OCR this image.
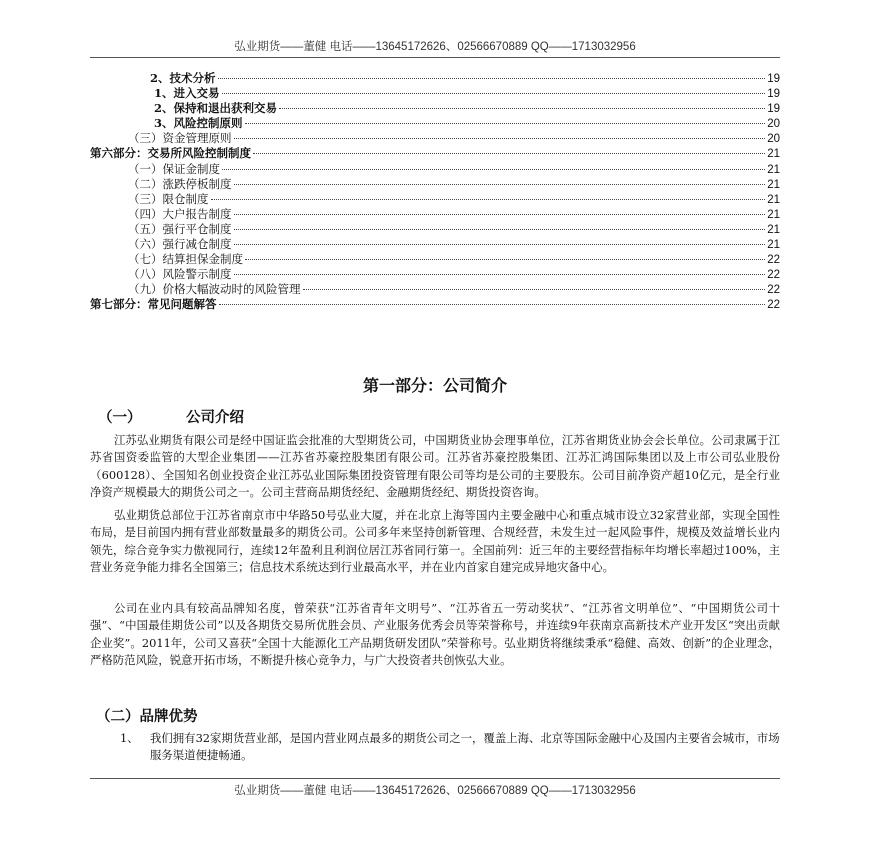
弘业期货——董健 电话——13645172626、02566670889 QQ——1713032956
2、技术分析	19
1、进入交易	19
2、保持和退出获利交易	19
3、风险控制原则	20
（三）资金管理原则	20
第六部分：交易所风险控制制度	21
（一）保证金制度	21
（二）涨跌停板制度	21
（三）限仓制度	21
（四）大户报告制度	21
（五）强行平仓制度	21
（六）强行减仓制度	21
（七）结算担保金制度	22
（八）风险警示制度	22
（九）价格大幅波动时的风险管理	22
第七部分：常见问题解答	22
第一部分：公司简介
（一）	公司介绍
江苏弘业期货有限公司是经中国证监会批准的大型期货公司，中国期货业协会理事单位，江苏省期货业协会会长单位。公司隶属于江苏省国资委监管的大型企业集团——江苏省苏豪控股集团有限公司。江苏省苏豪控股集团、江苏汇鸿国际集团以及上市公司弘业股份（600128）、全国知名创业投资企业江苏弘业国际集团投资管理有限公司等均是公司的主要股东。公司目前净资产超10亿元，是全行业净资产规模最大的期货公司之一。公司主营商品期货经纪、金融期货经纪、期货投资咨询。
弘业期货总部位于江苏省南京市中华路50号弘业大厦，并在北京上海等国内主要金融中心和重点城市设立32家营业部，实现全国性布局，是目前国内拥有营业部数量最多的期货公司。公司多年来坚持创新管理、合规经营，未发生过一起风险事件，规模及效益增长业内领先，综合竞争实力傲视同行，连续12年盈利且利润位居江苏省同行第一。全国前列：近三年的主要经营指标年均增长率超过100%，主营业务竞争能力排名全国第三；信息技术系统达到行业最高水平，并在业内首家自建完成异地灾备中心。
公司在业内具有较高品牌知名度，曾荣获“江苏省青年文明号”、“江苏省五一劳动奖状”、“江苏省文明单位”、“中国期货公司十强”、“中国最佳期货公司”以及各期货交易所优胜会员、产业服务优秀会员等荣誉称号，并连续9年获南京高新技术产业开发区“突出贡献企业奖”。2011年，公司又喜获“全国十大能源化工产品期货研发团队”荣誉称号。弘业期货将继续秉承“稳健、高效、创新”的企业理念，严格防范风险，锐意开拓市场，不断提升核心竞争力，与广大投资者共创恢弘大业。
（二）品牌优势
1、 我们拥有32家期货营业部，是国内营业网点最多的期货公司之一，覆盖上海、北京等国际金融中心及国内主要省会城市，市场服务渠道便捷畅通。
弘业期货——董健 电话——13645172626、02566670889 QQ——1713032956
